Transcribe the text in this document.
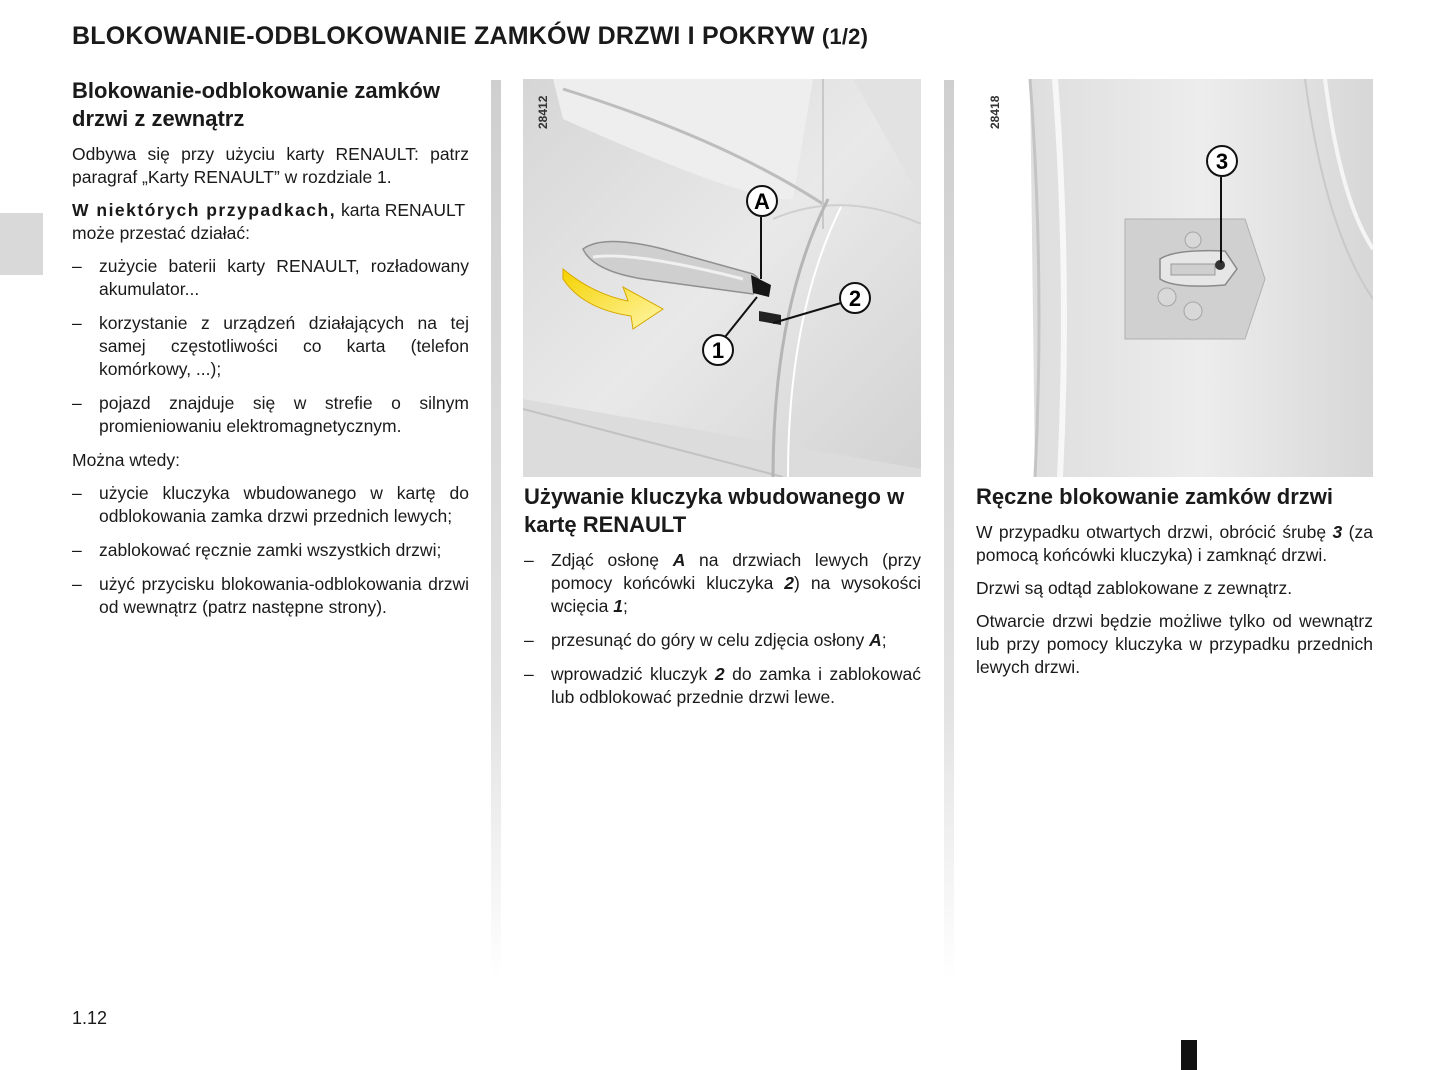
BLOKOWANIE-ODBLOKOWANIE ZAMKÓW DRZWI I POKRYW (1/2)
Blokowanie-odblokowanie zamków drzwi z zewnątrz

Odbywa się przy użyciu karty RENAULT: patrz paragraf „Karty RENAULT” w rozdziale 1.

W niektórych przypadkach, karta RENAULT może przestać działać:

– zużycie baterii karty RENAULT, rozładowany akumulator...
– korzystanie z urządzeń działających na tej samej częstotliwości co karta (telefon komórkowy, ...);
– pojazd znajduje się w strefie o silnym promieniowaniu elektromagnetycznym.

Można wtedy:

– użycie kluczyka wbudowanego w kartę do odblokowania zamka drzwi przednich lewych;
– zablokować ręcznie zamki wszystkich drzwi;
– użyć przycisku blokowania-odblokowania drzwi od wewnątrz (patrz następne strony).
A
1
2
28412
Używanie kluczyka wbudowanego w kartę RENAULT
– Zdjąć osłonę A na drzwiach lewych (przy pomocy końcówki kluczyka 2) na wysokości wcięcia 1;
– przesunąć do góry w celu zdjęcia osłony A;
– wprowadzić kluczyk 2 do zamka i zablokować lub odblokować przednie drzwi lewe.
3
28418
Ręczne blokowanie zamków drzwi

W przypadku otwartych drzwi, obrócić śrubę 3 (za pomocą końcówki kluczyka) i zamknąć drzwi.

Drzwi są odtąd zablokowane z zewnątrz.

Otwarcie drzwi będzie możliwe tylko od wewnątrz lub przy pomocy kluczyka w przypadku przednich lewych drzwi.

1.12
